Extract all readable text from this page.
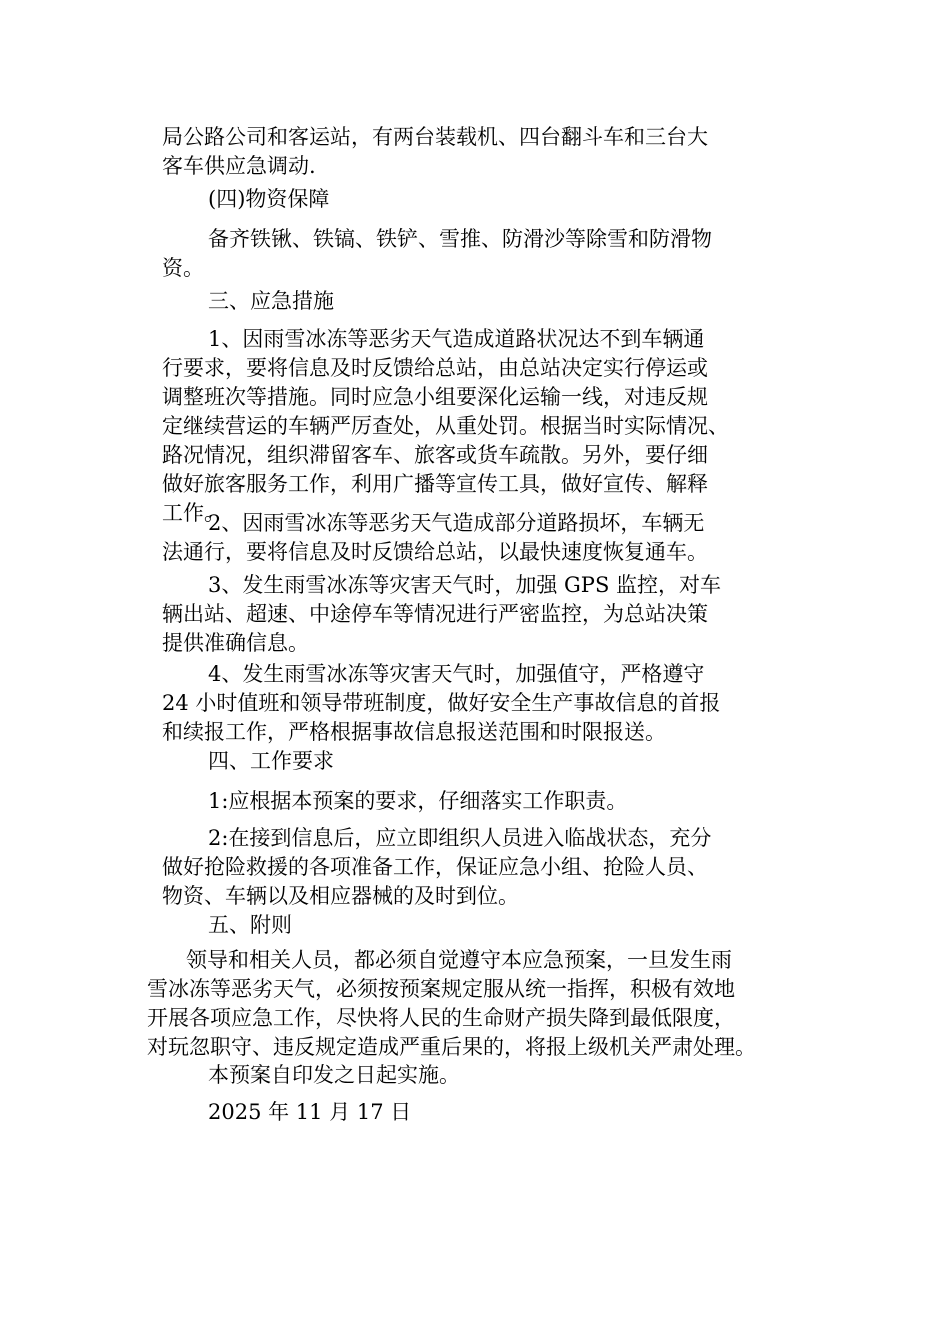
局公路公司和客运站，有两台装载机、四台翻斗车和三台大
客车供应急调动.
(四)物资保障
备齐铁锹、铁镐、铁铲、雪推、防滑沙等除雪和防滑物
资。
三、应急措施
1、因雨雪冰冻等恶劣天气造成道路状况达不到车辆通
行要求，要将信息及时反馈给总站，由总站决定实行停运或
调整班次等措施。同时应急小组要深化运输一线，对违反规
定继续营运的车辆严厉查处，从重处罚。根据当时实际情况、
路况情况，组织滞留客车、旅客或货车疏散。另外，要仔细
做好旅客服务工作，利用广播等宣传工具，做好宣传、解释
工作。
2、因雨雪冰冻等恶劣天气造成部分道路损坏，车辆无
法通行，要将信息及时反馈给总站，以最快速度恢复通车。
3、发生雨雪冰冻等灾害天气时，加强 GPS 监控，对车
辆出站、超速、中途停车等情况进行严密监控，为总站决策
提供准确信息。
4、发生雨雪冰冻等灾害天气时，加强值守，严格遵守
24 小时值班和领导带班制度，做好安全生产事故信息的首报
和续报工作，严格根据事故信息报送范围和时限报送。
四、工作要求
1:应根据本预案的要求，仔细落实工作职责。
2:在接到信息后，应立即组织人员进入临战状态，充分
做好抢险救援的各项准备工作，保证应急小组、抢险人员、
物资、车辆以及相应器械的及时到位。
五、附则
领导和相关人员，都必须自觉遵守本应急预案，一旦发生雨
雪冰冻等恶劣天气，必须按预案规定服从统一指挥，积极有效地
开展各项应急工作，尽快将人民的生命财产损失降到最低限度，
对玩忽职守、违反规定造成严重后果的，将报上级机关严肃处理。
本预案自印发之日起实施。
2025 年 11 月 17 日
